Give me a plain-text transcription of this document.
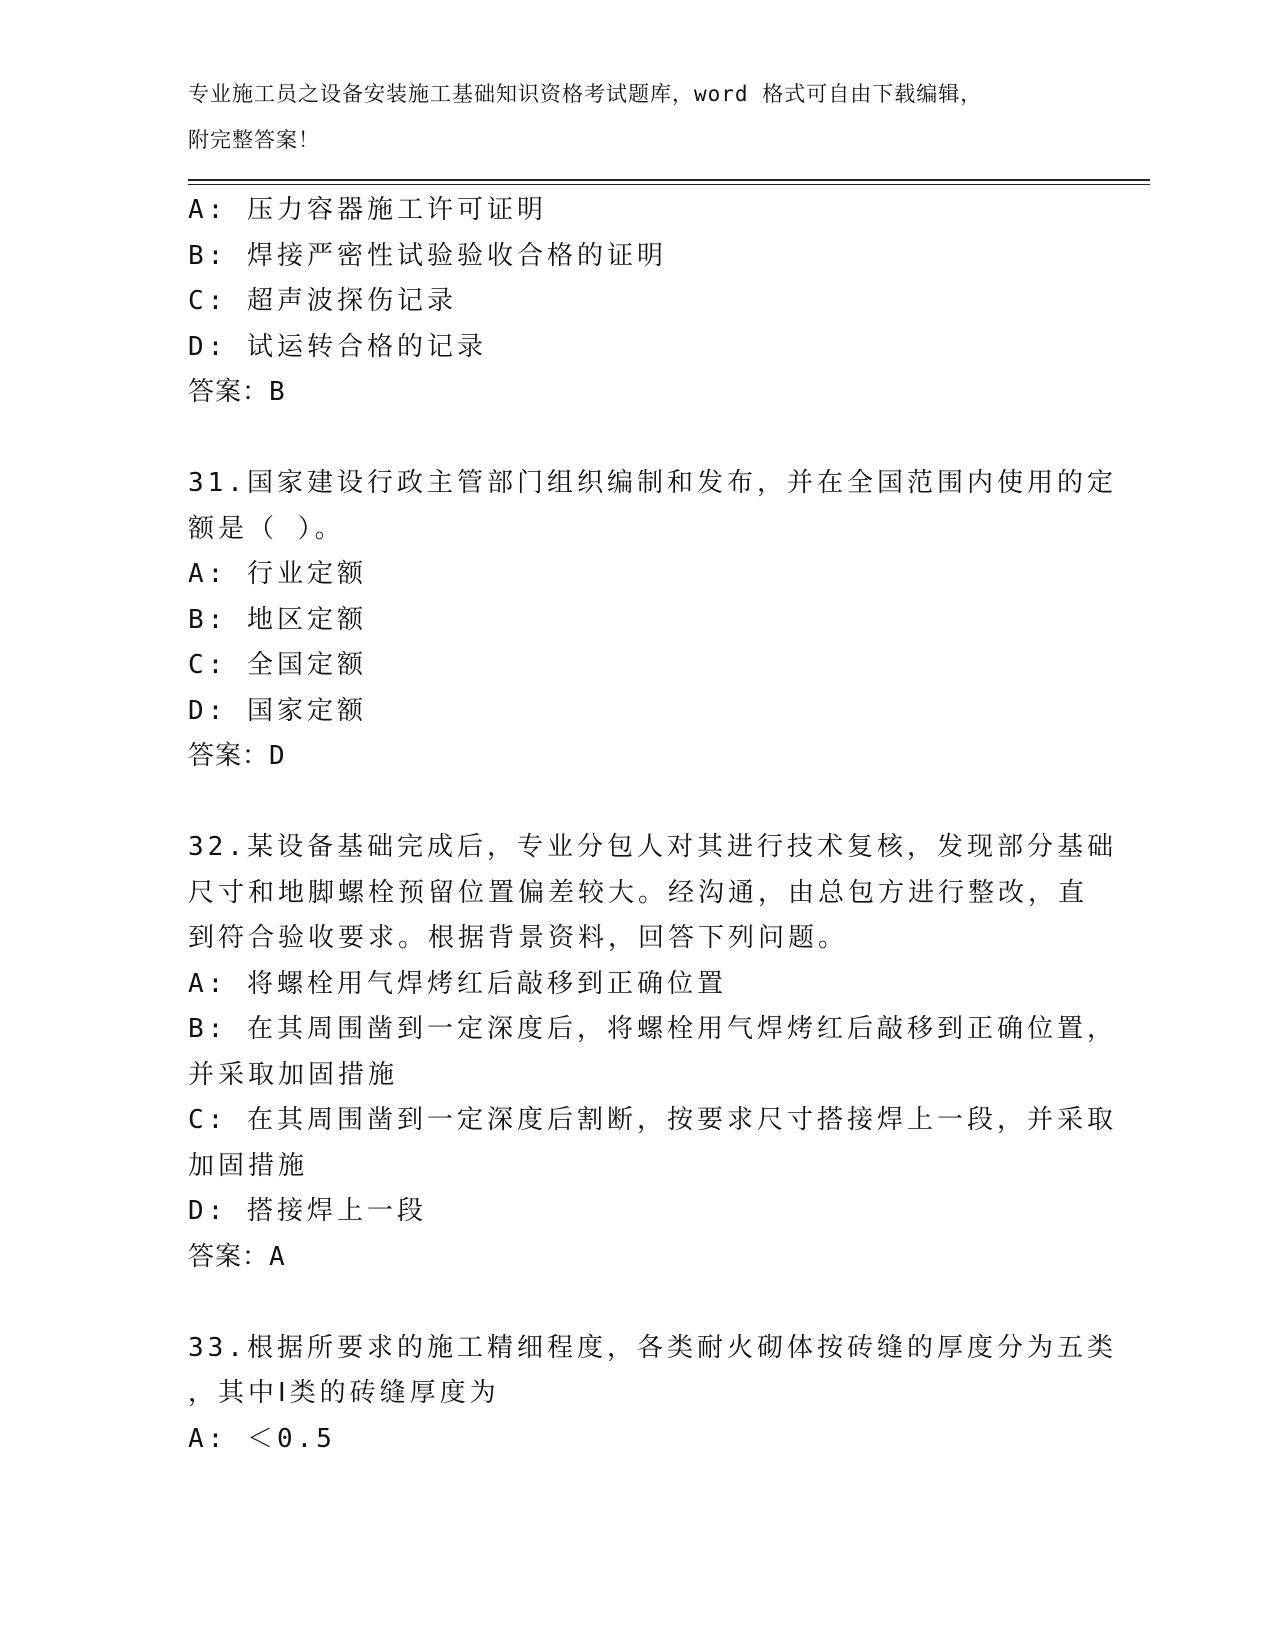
专业施工员之设备安装施工基础知识资格考试题库，word 格式可自由下载编辑，
附完整答案！
A: 压力容器施工许可证明
B: 焊接严密性试验验收合格的证明
C: 超声波探伤记录
D: 试运转合格的记录
答案：B
31.国家建设行政主管部门组织编制和发布，并在全国范围内使用的定
额是（ ）。
A: 行业定额
B: 地区定额
C: 全国定额
D: 国家定额
答案：D
32.某设备基础完成后，专业分包人对其进行技术复核，发现部分基础
尺寸和地脚螺栓预留位置偏差较大。经沟通，由总包方进行整改，直
到符合验收要求。根据背景资料，回答下列问题。
A: 将螺栓用气焊烤红后敲移到正确位置
B: 在其周围凿到一定深度后，将螺栓用气焊烤红后敲移到正确位置，
并采取加固措施
C: 在其周围凿到一定深度后割断，按要求尺寸搭接焊上一段，并采取
加固措施
D: 搭接焊上一段
答案：A
33.根据所要求的施工精细程度，各类耐火砌体按砖缝的厚度分为五类
，其中Ⅰ类的砖缝厚度为
A: ＜0.5
